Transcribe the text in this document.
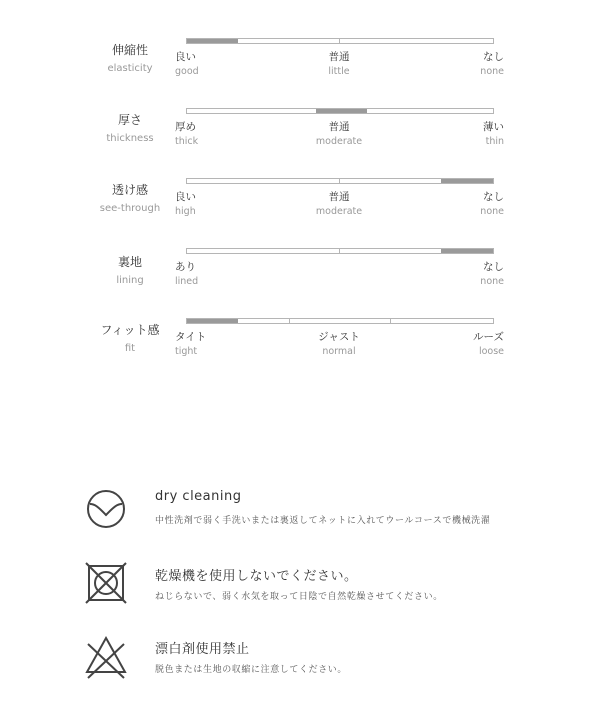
伸縮性
elasticity
良い
good
普通
little
なし
none
厚さ
thickness
厚め
thick
普通
moderate
薄い
thin
透け感
see-through
良い
high
普通
moderate
なし
none
裏地
lining
あり
lined
なし
none
フィット感
fit
タイト
tight
ジャスト
normal
ルーズ
loose
dry cleaning
中性洗剤で弱く手洗いまたは裏返してネットに入れてウールコースで機械洗濯
乾燥機を使用しないでください。
ねじらないで、弱く水気を取って日陰で自然乾燥させてください。
漂白剤使用禁止
脱色または生地の収縮に注意してください。
